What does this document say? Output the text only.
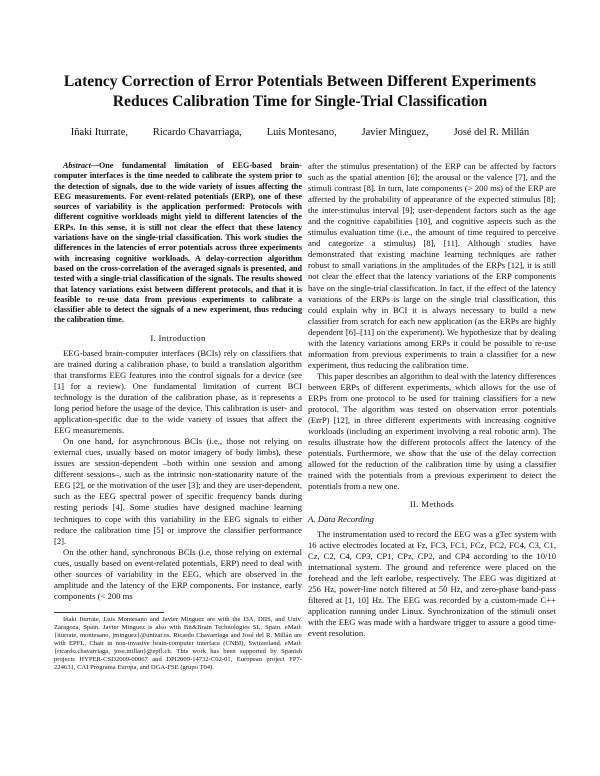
Latency Correction of Error Potentials Between Different Experiments
Reduces Calibration Time for Single-Trial Classification
Iñaki Iturrate, Ricardo Chavarriaga, Luis Montesano, Javier Minguez, José del R. Millán

Abstract—One fundamental limitation of EEG-based brain-computer interfaces is the time needed to calibrate the system prior to the detection of signals, due to the wide variety of issues affecting the EEG measurements. For event-related potentials (ERP), one of these sources of variability is the application performed: Protocols with different cognitive workloads might yield to different latencies of the ERPs. In this sense, it is still not clear the effect that these latency variations have on the single-trial classification. This work studies the differences in the latencies of error potentials across three experiments with increasing cognitive workloads. A delay-correction algorithm based on the cross-correlation of the averaged signals is presented, and tested with a single-trial classification of the signals. The results showed that latency variations exist between different protocols, and that it is feasible to re-use data from previous experiments to calibrate a classifier able to detect the signals of a new experiment, thus reducing the calibration time.

I. Introduction

EEG-based brain-computer interfaces (BCIs) rely on classifiers that are trained during a calibration phase, to build a translation algorithm that transforms EEG features into the control signals for a device (see [1] for a review). One fundamental limitation of current BCI technology is the duration of the calibration phase, as it represents a long period before the usage of the device. This calibration is user- and application-specific due to the wide variety of issues that affect the EEG measurements.

On one hand, for asynchronous BCIs (i.e., those not relying on external cues, usually based on motor imagery of body limbs), these issues are session-dependent –both within one session and among different sessions–, such as the intrinsic non-stationarity nature of the EEG [2], or the motivation of the user [3]; and they are user-dependent, such as the EEG spectral power of specific frequency bands during resting periods [4]. Some studies have designed machine learning techniques to cope with this variability in the EEG signals to either reduce the calibration time [5] or improve the classifier performance [2].

On the other hand, synchronous BCIs (i.e, those relying on external cues, usually based on event-related potentials, ERP) need to deal with other sources of variability in the EEG, which are observed in the amplitude and the latency of the ERP components. For instance, early components (< 200 ms

Iñaki Iturrate, Luis Montesano and Javier Minguez are with the I3A, DIIS, and Univ. Zaragoza, Spain. Javier Minguez is also with Bit&Brain Technologies SL, Spain. eMail: {iturrate, montesano, jminguez}@unizar.es. Ricardo Chavarriaga and José del R. Millán are with EPFL, Chair in non-invasive brain-computer interface (CNBI), Switzerland. eMail: {ricardo.chavarriaga, jose.millan}@epfl.ch. This work has been supported by Spanish projects HYPER-CSD2009-00067 and DPI2009-14732-C02-01, European project FP7-224631, CAI Programa Europa, and DGA-FSE (grupo T04).

after the stimulus presentation) of the ERP can be affected by factors such as the spatial attention [6]; the arousal or the valence [7], and the stimuli contrast [8]. In turn, late components (> 200 ms) of the ERP are affected by the probability of appearance of the expected stimulus [8]; the inter-stimulus interval [9]; user-dependent factors such as the age and the cognitive capabilities [10], and cognitive aspects such as the stimulus evaluation time (i.e., the amount of time required to perceive and categorize a stimulus) [8], [11]. Although studies have demonstrated that existing machine learning techniques are rather robust to small variations in the amplitudes of the ERPs [12], it is still not clear the effect that the latency variations of the ERP components have on the single-trial classification. In fact, if the effect of the latency variations of the ERPs is large on the single trial classification, this could explain why in BCI it is always necessary to build a new classifier from scratch for each new application (as the ERPs are highly dependent [6]–[11] on the experiment). We hypothesize that by dealing with the latency variations among ERPs it could be possible to re-use information from previous experiments to train a classifier for a new experiment, thus reducing the calibration time.

This paper describes an algorithm to deal with the latency differences between ERPs of different experiments, which allows for the use of ERPs from one protocol to be used for training classifiers for a new protocol. The algorithm was tested on observation error potentials (ErrP) [12], in three different experiments with increasing cognitive workloads (including an experiment involving a real robotic arm). The results illustrate how the different protocols affect the latency of the potentials. Furthermore, we show that the use of the delay correction allowed for the reduction of the calibration time by using a classifier trained with the potentials from a previous experiment to detect the potentials from a new one.

II. Methods

A. Data Recording

The instrumentation used to record the EEG was a gTec system with 16 active electrodes located at Fz, FC3, FC1, FCz, FC2, FC4, C3, C1, Cz, C2, C4, CP3, CP1, CPz, CP2, and CP4 according to the 10/10 international system. The ground and reference were placed on the forehead and the left earlobe, respectively. The EEG was digitized at 256 Hz, power-line notch filtered at 50 Hz, and zero-phase band-pass filtered at [1, 10] Hz. The EEG was recorded by a custom-made C++ application running under Linux. Synchronization of the stimuli onset with the EEG was made with a hardware trigger to assure a good time-event resolution.
